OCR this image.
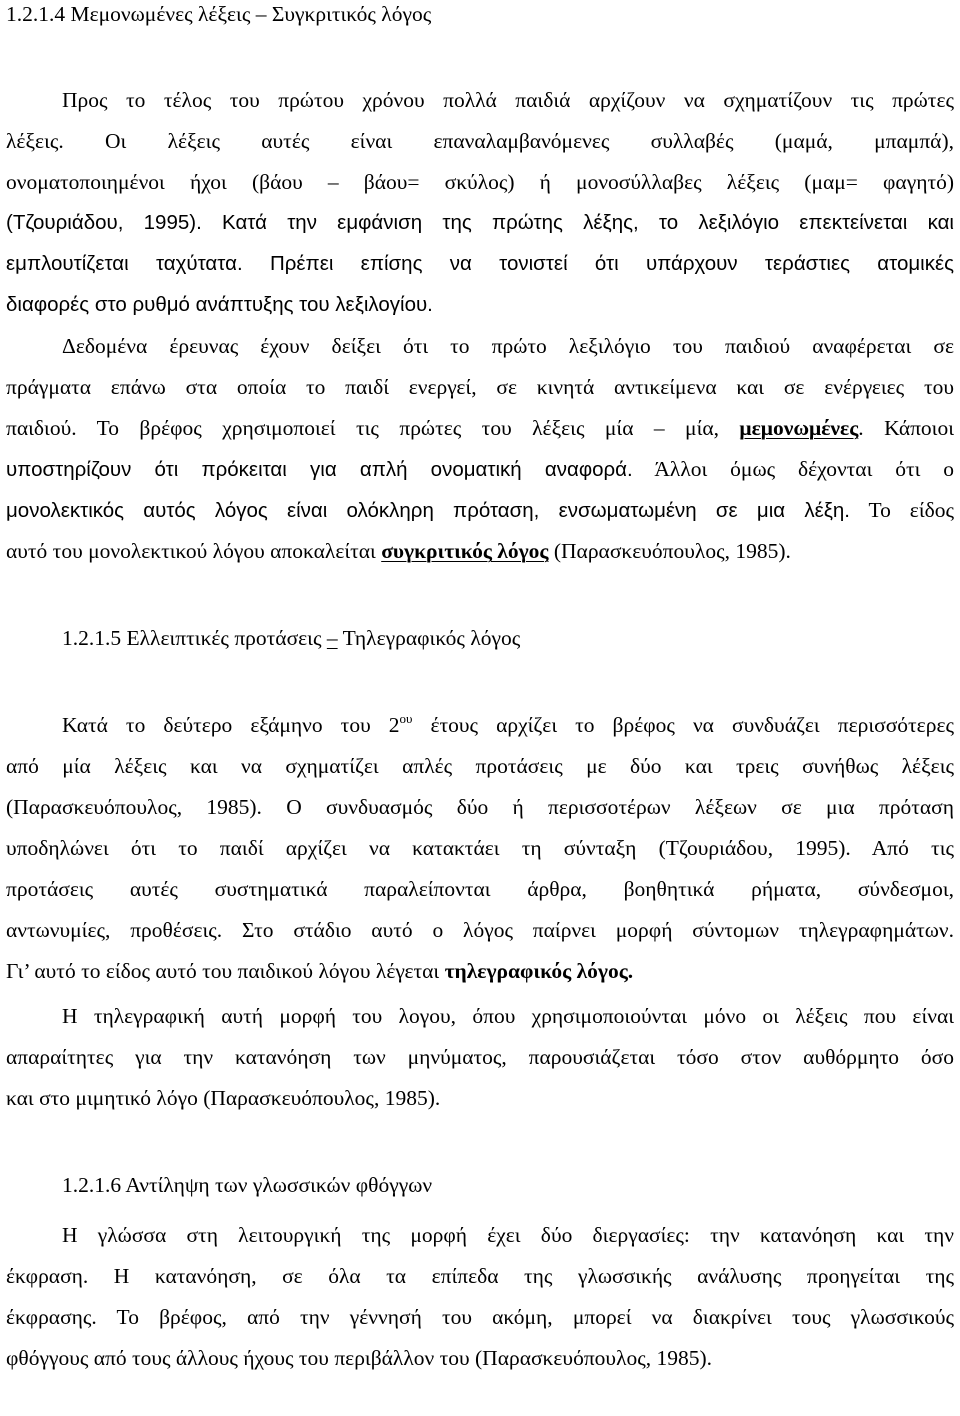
1.2.1.4 Μεμονωμένες λέξεις – Συγκριτικός λόγος
Προς το τέλος του πρώτου χρόνου πολλά παιδιά αρχίζουν να σχηματίζουν τις πρώτες
λέξεις. Οι λέξεις αυτές είναι επαναλαμβανόμενες συλλαβές (μαμά, μπαμπά),
ονοματοποιημένοι ήχοι (βάου – βάου= σκύλος) ή μονοσύλλαβες λέξεις (μαμ= φαγητό)
(Τζουριάδου, 1995). Κατά την εμφάνιση της πρώτης λέξης, το λεξιλόγιο επεκτείνεται και
εμπλουτίζεται ταχύτατα. Πρέπει επίσης να τονιστεί ότι υπάρχουν τεράστιες ατομικές
διαφορές στο ρυθμό ανάπτυξης του λεξιλογίου.
Δεδομένα έρευνας έχουν δείξει ότι το πρώτο λεξιλόγιο του παιδιού αναφέρεται σε
πράγματα επάνω στα οποία το παιδί ενεργεί, σε κινητά αντικείμενα και σε ενέργειες του
παιδιού. Το βρέφος χρησιμοποιεί τις πρώτες του λέξεις μία – μία, μεμονωμένες. Κάποιοι
υποστηρίζουν ότι πρόκειται για απλή ονοματική αναφορά. Άλλοι όμως δέχονται ότι ο
μονολεκτικός αυτός λόγος είναι ολόκληρη πρόταση, ενσωματωμένη σε μια λέξη. Το είδος
αυτό του μονολεκτικού λόγου αποκαλείται συγκριτικός λόγος (Παρασκευόπουλος, 1985).
1.2.1.5 Ελλειπτικές προτάσεις – Τηλεγραφικός λόγος
Κατά το δεύτερο εξάμηνο του $2^{o\upsilon}$ έτους αρχίζει το βρέφος να συνδυάζει περισσότερες
από μία λέξεις και να σχηματίζει απλές προτάσεις με δύο και τρεις συνήθως λέξεις
(Παρασκευόπουλος, 1985). Ο συνδυασμός δύο ή περισσοτέρων λέξεων σε μια πρόταση
υποδηλώνει ότι το παιδί αρχίζει να κατακτάει τη σύνταξη (Τζουριάδου, 1995). Από τις
προτάσεις αυτές συστηματικά παραλείπονται άρθρα, βοηθητικά ρήματα, σύνδεσμοι,
αντωνυμίες, προθέσεις. Στο στάδιο αυτό ο λόγος παίρνει μορφή σύντομων τηλεγραφημάτων.
Γι’ αυτό το είδος αυτό του παιδικού λόγου λέγεται τηλεγραφικός λόγος.
Η τηλεγραφική αυτή μορφή του λογου, όπου χρησιμοποιούνται μόνο οι λέξεις που είναι
απαραίτητες για την κατανόηση των μηνύματος, παρουσιάζεται τόσο στον αυθόρμητο όσο
και στο μιμητικό λόγο (Παρασκευόπουλος, 1985).
1.2.1.6 Αντίληψη των γλωσσικών φθόγγων
Η γλώσσα στη λειτουργική της μορφή έχει δύο διεργασίες: την κατανόηση και την
έκφραση. Η κατανόηση, σε όλα τα επίπεδα της γλωσσικής ανάλυσης προηγείται της
έκφρασης. Το βρέφος, από την γέννησή του ακόμη, μπορεί να διακρίνει τους γλωσσικούς
φθόγγους από τους άλλους ήχους του περιβάλλον του (Παρασκευόπουλος, 1985).
